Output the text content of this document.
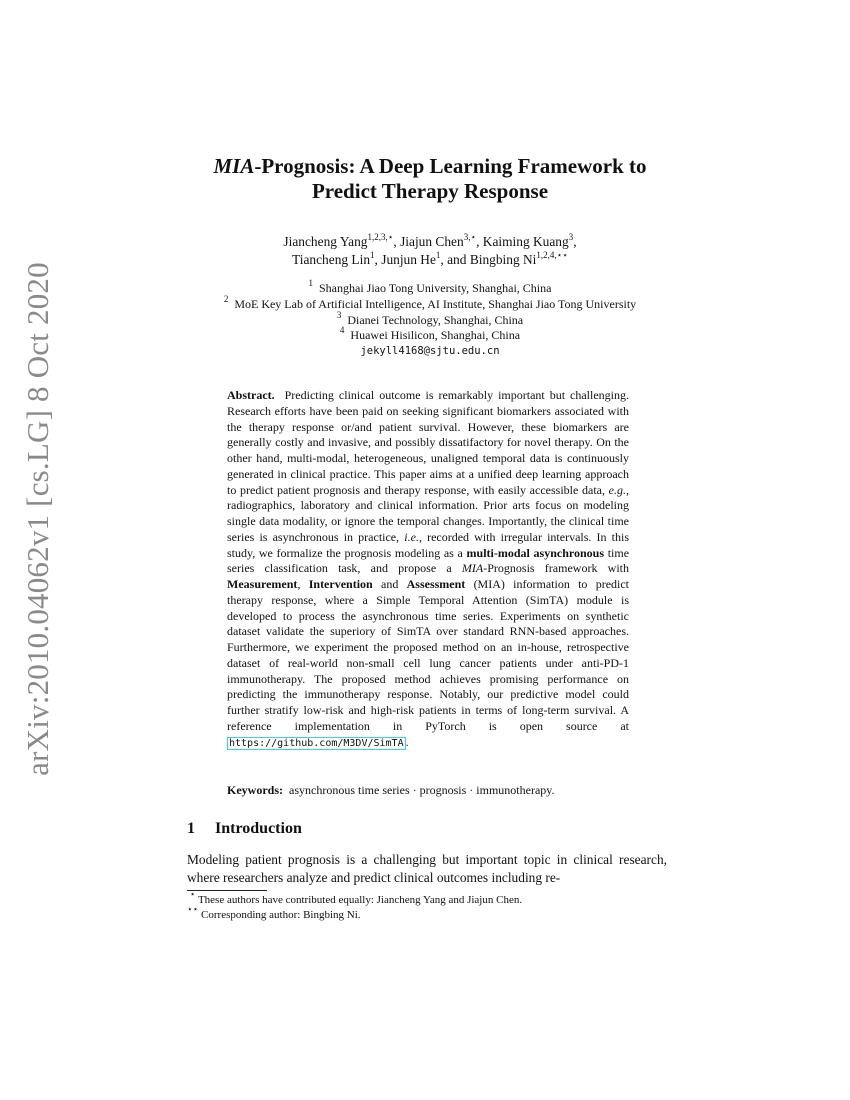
arXiv:2010.04062v1 [cs.LG] 8 Oct 2020
MIA-Prognosis: A Deep Learning Framework to
Predict Therapy Response
Jiancheng Yang$^{1,2,3,⋆}$, Jiajun Chen$^{3,⋆}$, Kaiming Kuang$^3$,
Tiancheng Lin$^1$, Junjun He$^1$, and Bingbing $Ni^{1,2,4,⋆⋆}$
$^1$ Shanghai Jiao Tong University, Shanghai, China
$^2$ MoE Key Lab of Artificial Intelligence, AI Institute, Shanghai Jiao Tong University
$^3$ Dianei Technology, Shanghai, China
$^4$ Huawei Hisilicon, Shanghai, China
jekyll4168@sjtu.edu.cn
Abstract. Predicting clinical outcome is remarkably important but challenging. Research efforts have been paid on seeking significant biomarkers associated with the therapy response or/and patient survival. However, these biomarkers are generally costly and invasive, and possibly dissatifactory for novel therapy. On the other hand, multi-modal, heterogeneous, unaligned temporal data is continuously generated in clinical practice. This paper aims at a unified deep learning approach to predict patient prognosis and therapy response, with easily accessible data, e.g., radiographics, laboratory and clinical information. Prior arts focus on modeling single data modality, or ignore the temporal changes. Importantly, the clinical time series is asynchronous in practice, i.e., recorded with irregular intervals. In this study, we formalize the prognosis modeling as a multi-modal asynchronous time series classification task, and propose a MIA-Prognosis framework with Measurement, Intervention and Assessment (MIA) information to predict therapy response, where a Simple Temporal Attention (SimTA) module is developed to process the asynchronous time series. Experiments on synthetic dataset validate the superiory of SimTA over standard RNN-based approaches. Furthermore, we experiment the proposed method on an in-house, retrospective dataset of real-world non-small cell lung cancer patients under anti-PD-1 immunotherapy. The proposed method achieves promising performance on predicting the immunotherapy response. Notably, our predictive model could further stratify low-risk and high-risk patients in terms of long-term survival. A reference implementation in PyTorch is open source at https://github.com/M3DV/SimTA .
Keywords: asynchronous time series · prognosis · immunotherapy.
1 Introduction
Modeling patient prognosis is a challenging but important topic in clinical research, where researchers analyze and predict clinical outcomes including re-
⋆ These authors have contributed equally: Jiancheng Yang and Jiajun Chen.
⋆⋆ Corresponding author: Bingbing Ni.
